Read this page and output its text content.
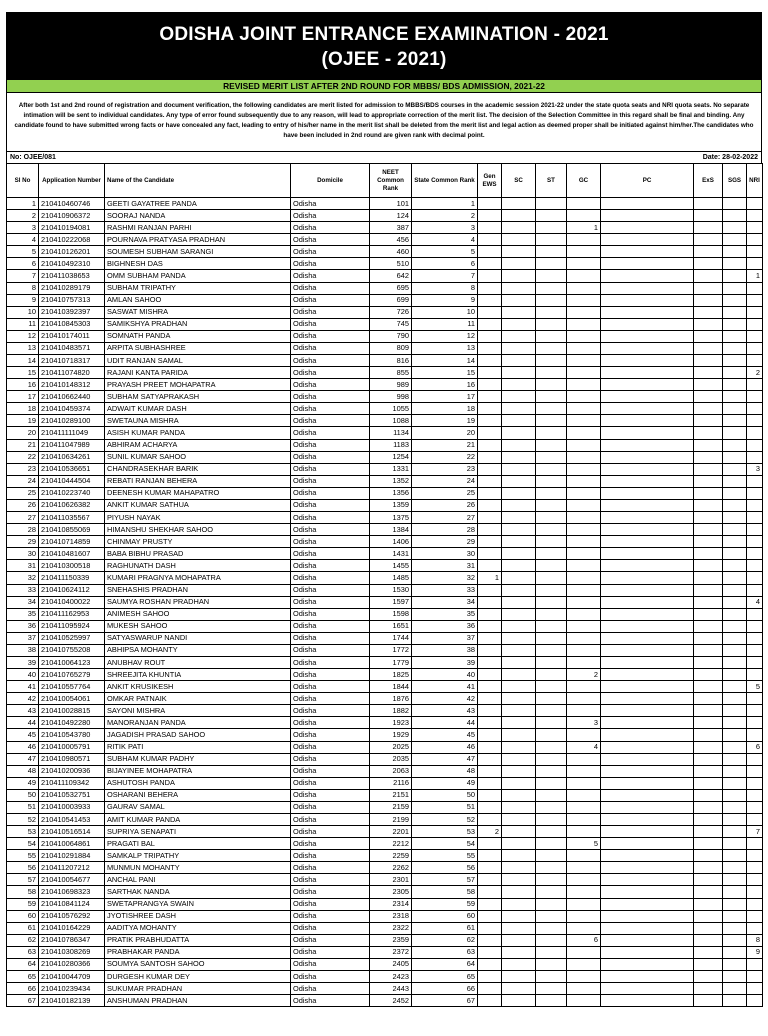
ODISHA JOINT ENTRANCE EXAMINATION - 2021
(OJEE - 2021)
REVISED MERIT LIST AFTER 2ND ROUND FOR MBBS/ BDS ADMISSION, 2021-22
After both 1st and 2nd round of registration and document verification, the following candidates are merit listed for admission to MBBS/BDS courses in the academic session 2021-22 under the state quota seats and NRI quota seats. No separate intimation will be sent to individual candidates. Any type of error found subsequently due to any reason, will lead to appropriate correction of the merit list. The decision of the Selection Committee in this regard shall be final and binding. Any candidate found to have submitted wrong facts or have concealed any fact, leading to entry of his/her name in the merit list shall be deleted from the merit list and legal action as deemed proper shall be initiated against him/her.The candidates who have been included in 2nd round are given rank with decimal point.
No: OJEE/081	Date: 28-02-2022
Sl No	Application Number	Name of the Candidate	Domicile	NEET Common Rank	State Common Rank	Gen EWS	SC	ST	GC	PC	ExS	SGS	NRI
1	210410460746	GEETI GAYATREE PANDA	Odisha	101	1								
2	210410906372	SOORAJ NANDA	Odisha	124	2								
3	210410194081	RASHMI RANJAN PARHI	Odisha	387	3				1				
4	210410222068	POURNAVA PRATYASA PRADHAN	Odisha	456	4								
5	210410126201	SOUMESH SUBHAM SARANGI	Odisha	460	5								
6	210410492310	BIGHNESH DAS	Odisha	510	6								
7	210411038653	OMM SUBHAM PANDA	Odisha	642	7								1
8	210410289179	SUBHAM TRIPATHY	Odisha	695	8								
9	210410757313	AMLAN SAHOO	Odisha	699	9								
10	210410392397	SASWAT MISHRA	Odisha	726	10								
11	210410845303	SAMIKSHYA PRADHAN	Odisha	745	11								
12	210410174011	SOMNATH PANDA	Odisha	790	12								
13	210410483571	ARPITA SUBHASHREE	Odisha	809	13								
14	210410718317	UDIT RANJAN SAMAL	Odisha	816	14								
15	210411074820	RAJANI KANTA PARIDA	Odisha	855	15								2
16	210410148312	PRAYASH PREET MOHAPATRA	Odisha	989	16								
17	210410662440	SUBHAM SATYAPRAKASH	Odisha	998	17								
18	210410459374	ADWAIT KUMAR DASH	Odisha	1055	18								
19	210410289100	SWETAUNA MISHRA	Odisha	1088	19								
20	210411111049	ASISH KUMAR PANDA	Odisha	1134	20								
21	210411047989	ABHIRAM ACHARYA	Odisha	1183	21								
22	210410634261	SUNIL KUMAR SAHOO	Odisha	1254	22								
23	210410536651	CHANDRASEKHAR BARIK	Odisha	1331	23								3
24	210410444504	REBATI RANJAN BEHERA	Odisha	1352	24								
25	210410223740	DEENESH KUMAR MAHAPATRO	Odisha	1356	25								
26	210410626382	ANKIT KUMAR SATHUA	Odisha	1359	26								
27	210411035567	PIYUSH NAYAK	Odisha	1375	27								
28	210410855069	HIMANSHU SHEKHAR SAHOO	Odisha	1384	28								
29	210410714859	CHINMAY PRUSTY	Odisha	1406	29								
30	210410481607	BABA BIBHU PRASAD	Odisha	1431	30								
31	210410300518	RAGHUNATH DASH	Odisha	1455	31								
32	210411150339	KUMARI PRAGNYA MOHAPATRA	Odisha	1485	32	1							
33	210410624112	SNEHASHIS PRADHAN	Odisha	1530	33								
34	210410400022	SAUMYA ROSHAN PRADHAN	Odisha	1597	34								4
35	210411162953	ANIMESH SAHOO	Odisha	1598	35								
36	210411095924	MUKESH SAHOO	Odisha	1651	36								
37	210410525997	SATYASWARUP NANDI	Odisha	1744	37								
38	210410755208	ABHIPSA MOHANTY	Odisha	1772	38								
39	210410064123	ANUBHAV ROUT	Odisha	1779	39								
40	210410765279	SHREEJITA KHUNTIA	Odisha	1825	40				2				
41	210410557764	ANKIT KRUSIKESH	Odisha	1844	41								5
42	210410054061	OMKAR PATNAIK	Odisha	1876	42								
43	210410028815	SAYONI MISHRA	Odisha	1882	43								
44	210410492280	MANORANJAN PANDA	Odisha	1923	44				3				
45	210410543780	JAGADISH PRASAD SAHOO	Odisha	1929	45								
46	210410005791	RITIK PATI	Odisha	2025	46				4				6
47	210410980571	SUBHAM KUMAR PADHY	Odisha	2035	47								
48	210410200936	BIJAYINEE MOHAPATRA	Odisha	2063	48								
49	210411109342	ASHUTOSH PANDA	Odisha	2116	49								
50	210410532751	OSHARANI BEHERA	Odisha	2151	50								
51	210410003933	GAURAV SAMAL	Odisha	2159	51								
52	210410541453	AMIT KUMAR PANDA	Odisha	2199	52								
53	210410516514	SUPRIYA SENAPATI	Odisha	2201	53	2							7
54	210410064861	PRAGATI BAL	Odisha	2212	54				5				
55	210410291884	SAMKALP TRIPATHY	Odisha	2259	55								
56	210411207212	MUNMUN MOHANTY	Odisha	2262	56								
57	210410054677	ANCHAL PANI	Odisha	2301	57								
58	210410698323	SARTHAK NANDA	Odisha	2305	58								
59	210410841124	SWETAPRANGYA SWAIN	Odisha	2314	59								
60	210410576292	JYOTISHREE DASH	Odisha	2318	60								
61	210410164229	AADITYA MOHANTY	Odisha	2322	61								
62	210410786347	PRATIK PRABHUDATTA	Odisha	2359	62				6				8
63	210410308269	PRABHAKAR PANDA	Odisha	2372	63								9
64	210410280366	SOUMYA SANTOSH SAHOO	Odisha	2405	64								
65	210410044709	DURGESH KUMAR DEY	Odisha	2423	65								
66	210410239434	SUKUMAR PRADHAN	Odisha	2443	66								
67	210410182139	ANSHUMAN PRADHAN	Odisha	2452	67								
